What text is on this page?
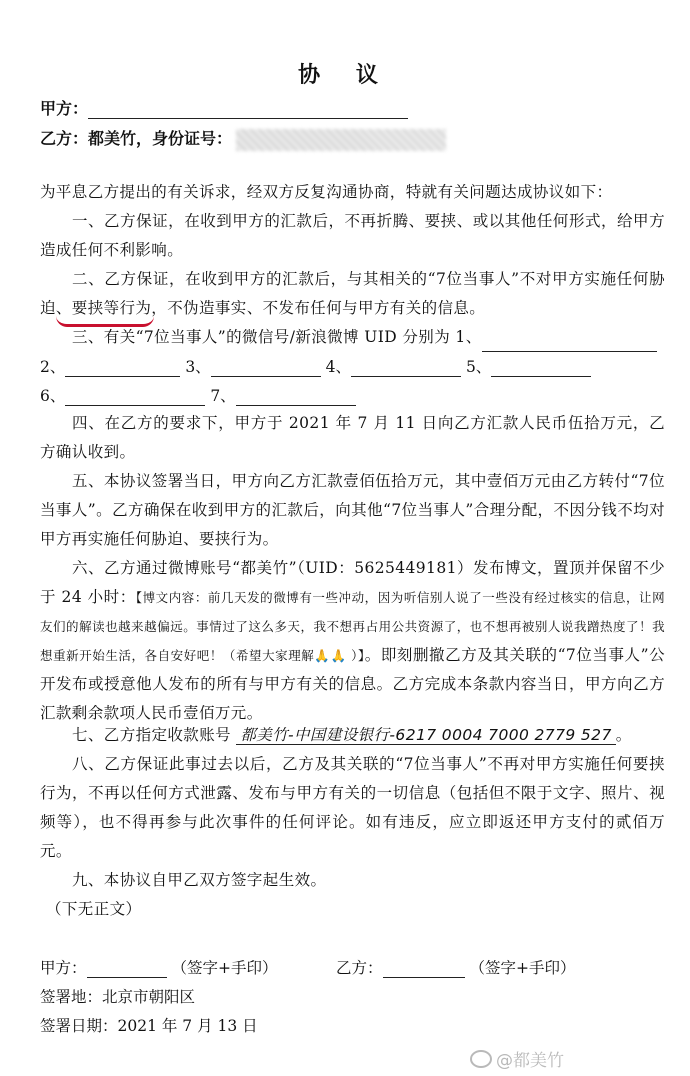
协 议
甲方：
乙方：都美竹，身份证号：
为平息乙方提出的有关诉求，经双方反复沟通协商，特就有关问题达成协议如下：
一、乙方保证，在收到甲方的汇款后，不再折腾、要挟、或以其他任何形式，给甲方造成任何不利影响。
二、乙方保证，在收到甲方的汇款后，与其相关的“7位当事人”不对甲方实施任何胁迫、要挟等行为，不伪造事实、不发布任何与甲方有关的信息。
三、有关“7位当事人”的微信号/新浪微博 UID 分别为 1、
2、	3、	4、	5、
6、	7、
四、在乙方的要求下，甲方于 2021 年 7 月 11 日向乙方汇款人民币伍拾万元，乙方确认收到。
五、本协议签署当日，甲方向乙方汇款壹佰伍拾万元，其中壹佰万元由乙方转付“7位当事人”。乙方确保在收到甲方的汇款后，向其他“7位当事人”合理分配，不因分钱不均对甲方再实施任何胁迫、要挟行为。
六、乙方通过微博账号“都美竹”（UID：5625449181）发布博文，置顶并保留不少于 24 小时：【博文内容：前几天发的微博有一些冲动，因为听信别人说了一些没有经过核实的信息，让网友们的解读也越来越偏远。事情过了这么多天，我不想再占用公共资源了，也不想再被别人说我蹭热度了！我想重新开始生活，各自安好吧！（希望大家理解🙏🙏 ）】。即刻删撤乙方及其关联的“7位当事人”公开发布或授意他人发布的所有与甲方有关的信息。乙方完成本条款内容当日，甲方向乙方汇款剩余款项人民币壹佰万元。
七、乙方指定收款账号 都美竹-中国建设银行-6217 0004 7000 2779 527 。
八、乙方保证此事过去以后，乙方及其关联的“7位当事人”不再对甲方实施任何要挟行为，不再以任何方式泄露、发布与甲方有关的一切信息（包括但不限于文字、照片、视频等），也不得再参与此次事件的任何评论。如有违反，应立即返还甲方支付的贰佰万元。
九、本协议自甲乙双方签字起生效。
（下无正文）
甲方：	（签字+手印）	乙方：	（签字+手印）
签署地：北京市朝阳区
签署日期：2021 年 7 月 13 日
@都美竹
